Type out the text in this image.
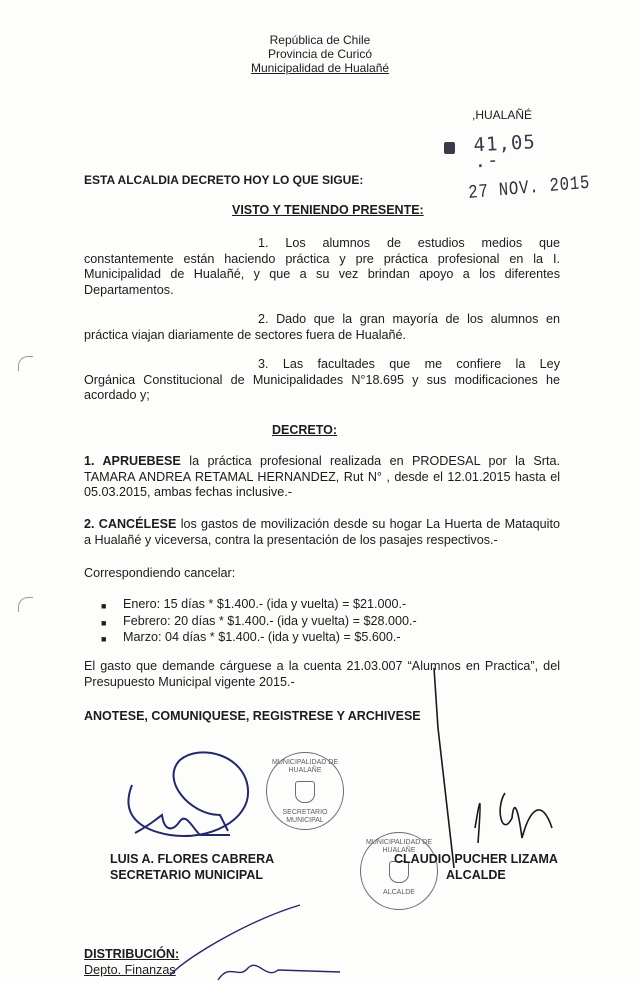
República de Chile
Provincia de Curicó
Municipalidad de Hualañé
,HUALAÑÉ
41,05 .-
27 NOV. 2015
ESTA ALCALDIA DECRETO HOY LO QUE SIGUE:
VISTO Y TENIENDO PRESENTE:
1. Los alumnos de estudios medios que
constantemente están haciendo práctica y pre práctica profesional en la I. Municipalidad de Hualañé, y que a su vez brindan apoyo a los diferentes Departamentos.
2. Dado que la gran mayoría de los alumnos en
práctica viajan diariamente de sectores fuera de Hualañé.
3. Las facultades que me confiere la Ley
Orgánica Constitucional de Municipalidades N°18.695 y sus modificaciones he acordado y;
DECRETO:
1. APRUEBESE la práctica profesional realizada en PRODESAL por la Srta. TAMARA ANDREA RETAMAL HERNANDEZ, Rut N° , desde el 12.01.2015 hasta el 05.03.2015, ambas fechas inclusive.-
2. CANCÉLESE los gastos de movilización desde su hogar La Huerta de Mataquito a Hualañé y viceversa, contra la presentación de los pasajes respectivos.-
Correspondiendo cancelar:
■ Enero: 15 días * $1.400.- (ida y vuelta) = $21.000.-
■ Febrero: 20 días * $1.400.- (ida y vuelta) = $28.000.-
■ Marzo: 04 días * $1.400.- (ida y vuelta) = $5.600.-
El gasto que demande cárguese a la cuenta 21.03.007 “Alumnos en Practica”, del Presupuesto Municipal vigente 2015.-
ANOTESE, COMUNIQUESE, REGISTRESE Y ARCHIVESE
MUNICIPALIDAD DE HUALAÑE
SECRETARIO MUNICIPAL
MUNICIPALIDAD DE HUALAÑE
ALCALDE
LUIS A. FLORES CABRERA
SECRETARIO MUNICIPAL
CLAUDIO PUCHER LIZAMA
ALCALDE
DISTRIBUCIÓN:
Depto. Finanzas
